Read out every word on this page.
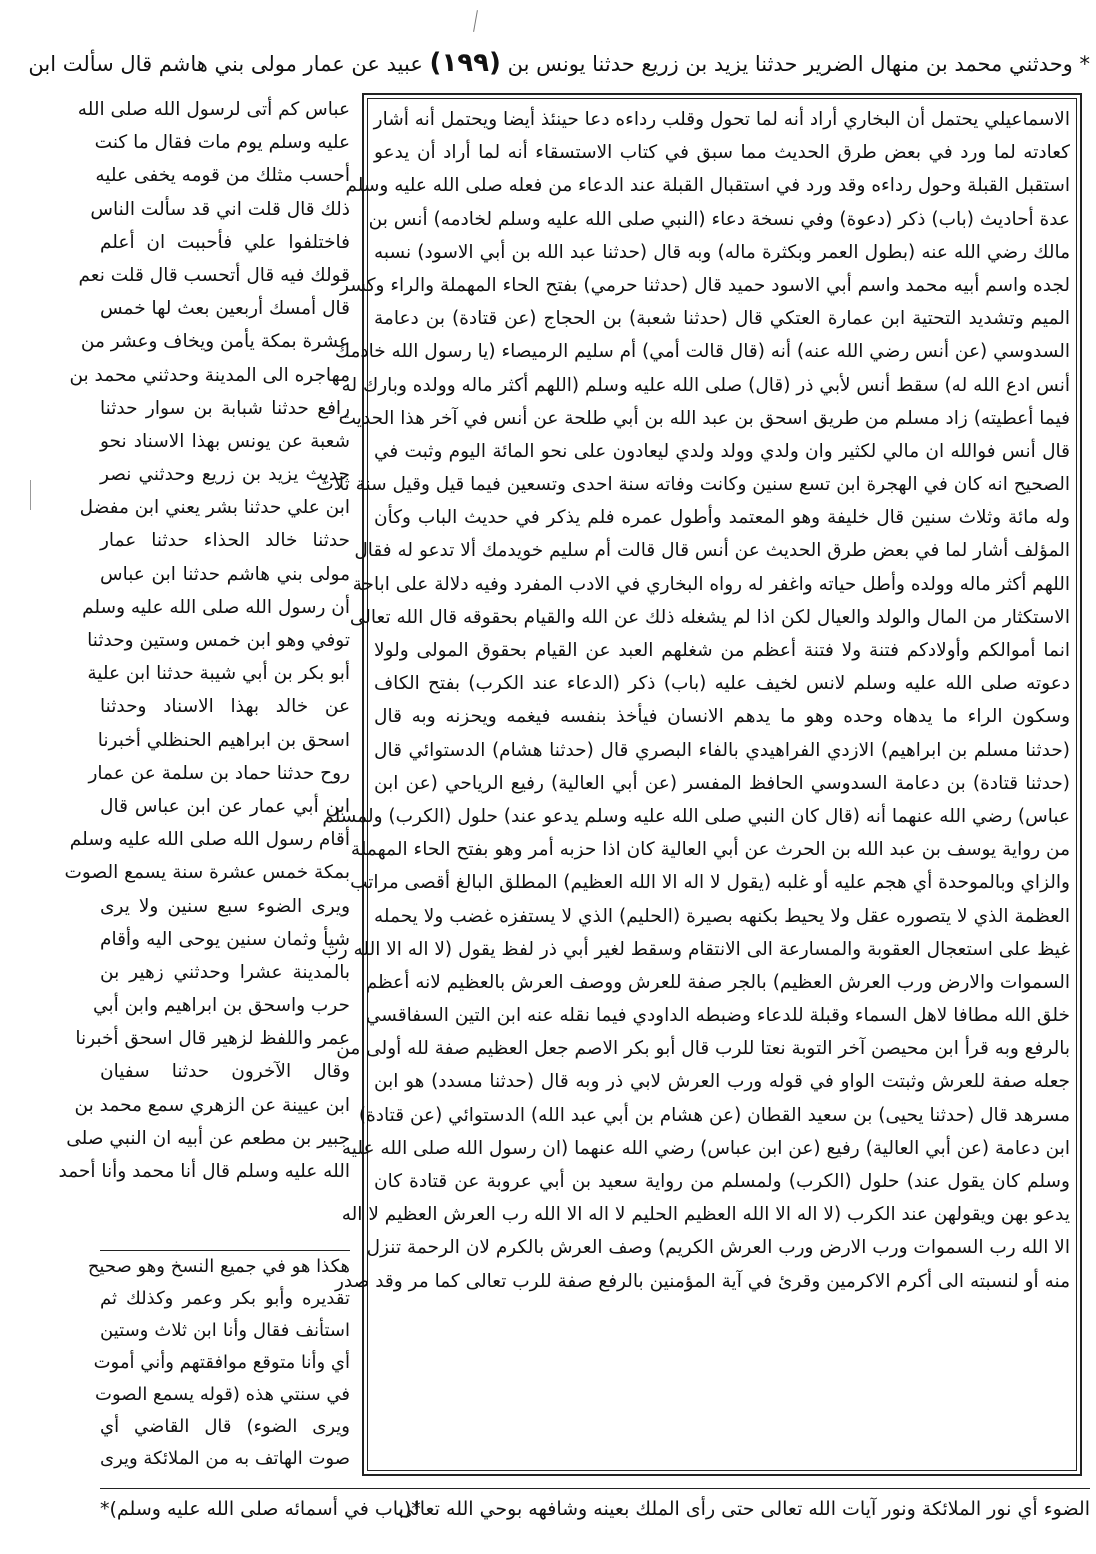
* وحدثني محمد بن منهال الضرير حدثنا يزيد بن زريع حدثنا يونس بن (١٩٩) عبيد عن عمار مولى بني هاشم قال سألت ابن
الاسماعيلي يحتمل أن البخاري أراد أنه لما تحول وقلب رداءه دعا حينئذ أيضا ويحتمل أنه أشار
كعادته لما ورد في بعض طرق الحديث مما سبق في كتاب الاستسقاء أنه لما أراد أن يدعو
استقبل القبلة وحول رداءه وقد ورد في استقبال القبلة عند الدعاء من فعله صلى الله عليه وسلم
عدة أحاديث (باب) ذكر (دعوة) وفي نسخة دعاء (النبي صلى الله عليه وسلم لخادمه) أنس بن
مالك رضي الله عنه (بطول العمر وبكثرة ماله) وبه قال (حدثنا عبد الله بن أبي الاسود) نسبه
لجده واسم أبيه محمد واسم أبي الاسود حميد قال (حدثنا حرمي) بفتح الحاء المهملة والراء وكسر
الميم وتشديد التحتية ابن عمارة العتكي قال (حدثنا شعبة) بن الحجاج (عن قتادة) بن دعامة
السدوسي (عن أنس رضي الله عنه) أنه (قال قالت أمي) أم سليم الرميصاء (يا رسول الله خادمك
أنس ادع الله له) سقط أنس لأبي ذر (قال) صلى الله عليه وسلم (اللهم أكثر ماله وولده وبارك له
فيما أعطيته) زاد مسلم من طريق اسحق بن عبد الله بن أبي طلحة عن أنس في آخر هذا الحديث
قال أنس فوالله ان مالي لكثير وان ولدي وولد ولدي ليعادون على نحو المائة اليوم وثبت في
الصحيح انه كان في الهجرة ابن تسع سنين وكانت وفاته سنة احدى وتسعين فيما قيل وقيل سنة ثلاث
وله مائة وثلاث سنين قال خليفة وهو المعتمد وأطول عمره فلم يذكر في حديث الباب وكأن
المؤلف أشار لما في بعض طرق الحديث عن أنس قال قالت أم سليم خويدمك ألا تدعو له فقال
اللهم أكثر ماله وولده وأطل حياته واغفر له رواه البخاري في الادب المفرد وفيه دلالة على اباحة
الاستكثار من المال والولد والعيال لكن اذا لم يشغله ذلك عن الله والقيام بحقوقه قال الله تعالى
انما أموالكم وأولادكم فتنة ولا فتنة أعظم من شغلهم العبد عن القيام بحقوق المولى ولولا
دعوته صلى الله عليه وسلم لانس لخيف عليه (باب) ذكر (الدعاء عند الكرب) بفتح الكاف
وسكون الراء ما يدهاه وحده وهو ما يدهم الانسان فيأخذ بنفسه فيغمه ويحزنه وبه قال
(حدثنا مسلم بن ابراهيم) الازدي الفراهيدي بالفاء البصري قال (حدثنا هشام) الدستوائي قال
(حدثنا قتادة) بن دعامة السدوسي الحافظ المفسر (عن أبي العالية) رفيع الرياحي (عن ابن
عباس) رضي الله عنهما أنه (قال كان النبي صلى الله عليه وسلم يدعو عند) حلول (الكرب) ولمسلم
من رواية يوسف بن عبد الله بن الحرث عن أبي العالية كان اذا حزبه أمر وهو بفتح الحاء المهملة
والزاي وبالموحدة أي هجم عليه أو غلبه (يقول لا اله الا الله العظيم) المطلق البالغ أقصى مراتب
العظمة الذي لا يتصوره عقل ولا يحيط بكنهه بصيرة (الحليم) الذي لا يستفزه غضب ولا يحمله
غيظ على استعجال العقوبة والمسارعة الى الانتقام وسقط لغير أبي ذر لفظ يقول (لا اله الا الله رب
السموات والارض ورب العرش العظيم) بالجر صفة للعرش ووصف العرش بالعظيم لانه أعظم
خلق الله مطافا لاهل السماء وقبلة للدعاء وضبطه الداودي فيما نقله عنه ابن التين السفاقسي
بالرفع وبه قرأ ابن محيصن آخر التوبة نعتا للرب قال أبو بكر الاصم جعل العظيم صفة لله أولى من
جعله صفة للعرش وثبتت الواو في قوله ورب العرش لابي ذر وبه قال (حدثنا مسدد) هو ابن
مسرهد قال (حدثنا يحيى) بن سعيد القطان (عن هشام بن أبي عبد الله) الدستوائي (عن قتادة)
ابن دعامة (عن أبي العالية) رفيع (عن ابن عباس) رضي الله عنهما (ان رسول الله صلى الله عليه
وسلم كان يقول عند) حلول (الكرب) ولمسلم من رواية سعيد بن أبي عروبة عن قتادة كان
يدعو بهن ويقولهن عند الكرب (لا اله الا الله العظيم الحليم لا اله الا الله رب العرش العظيم لا اله
الا الله رب السموات ورب الارض ورب العرش الكريم) وصف العرش بالكرم لان الرحمة تنزل
منه أو لنسبته الى أكرم الاكرمين وقرئ في آية المؤمنين بالرفع صفة للرب تعالى كما مر وقد صدر
عباس كم أتى لرسول الله صلى الله
عليه وسلم يوم مات فقال ما كنت
أحسب مثلك من قومه يخفى عليه
ذلك قال قلت اني قد سألت الناس
فاختلفوا علي فأحببت ان أعلم
قولك فيه قال أتحسب قال قلت نعم
قال أمسك أربعين بعث لها خمس
عشرة بمكة يأمن ويخاف وعشر من
مهاجره الى المدينة وحدثني محمد بن
رافع حدثنا شبابة بن سوار حدثنا
شعبة عن يونس بهذا الاسناد نحو
حديث يزيد بن زريع وحدثني نصر
ابن علي حدثنا بشر يعني ابن مفضل
حدثنا خالد الحذاء حدثنا عمار
مولى بني هاشم حدثنا ابن عباس
أن رسول الله صلى الله عليه وسلم
توفي وهو ابن خمس وستين وحدثنا
أبو بكر بن أبي شيبة حدثنا ابن علية
عن خالد بهذا الاسناد وحدثنا
اسحق بن ابراهيم الحنظلي أخبرنا
روح حدثنا حماد بن سلمة عن عمار
ابن أبي عمار عن ابن عباس قال
أقام رسول الله صلى الله عليه وسلم
بمكة خمس عشرة سنة يسمع الصوت
ويرى الضوء سبع سنين ولا يرى
شيأ وثمان سنين يوحى اليه وأقام
بالمدينة عشرا وحدثني زهير بن
حرب واسحق بن ابراهيم وابن أبي
عمر واللفظ لزهير قال اسحق أخبرنا
وقال الآخرون حدثنا سفيان
ابن عيينة عن الزهري سمع محمد بن
جبير بن مطعم عن أبيه ان النبي صلى
الله عليه وسلم قال أنا محمد وأنا أحمد
هكذا هو في جميع النسخ وهو صحيح
تقديره وأبو بكر وعمر وكذلك ثم
استأنف فقال وأنا ابن ثلاث وستين
أي وأنا متوقع موافقتهم وأني أموت
في سنتي هذه (قوله يسمع الصوت
ويرى الضوء) قال القاضي أي
صوت الهاتف به من الملائكة ويرى
الضوء أي نور الملائكة ونور آيات الله تعالى حتى رأى الملك بعينه وشافهه بوحي الله تعالى
*(باب في أسمائه صلى الله عليه وسلم)*
